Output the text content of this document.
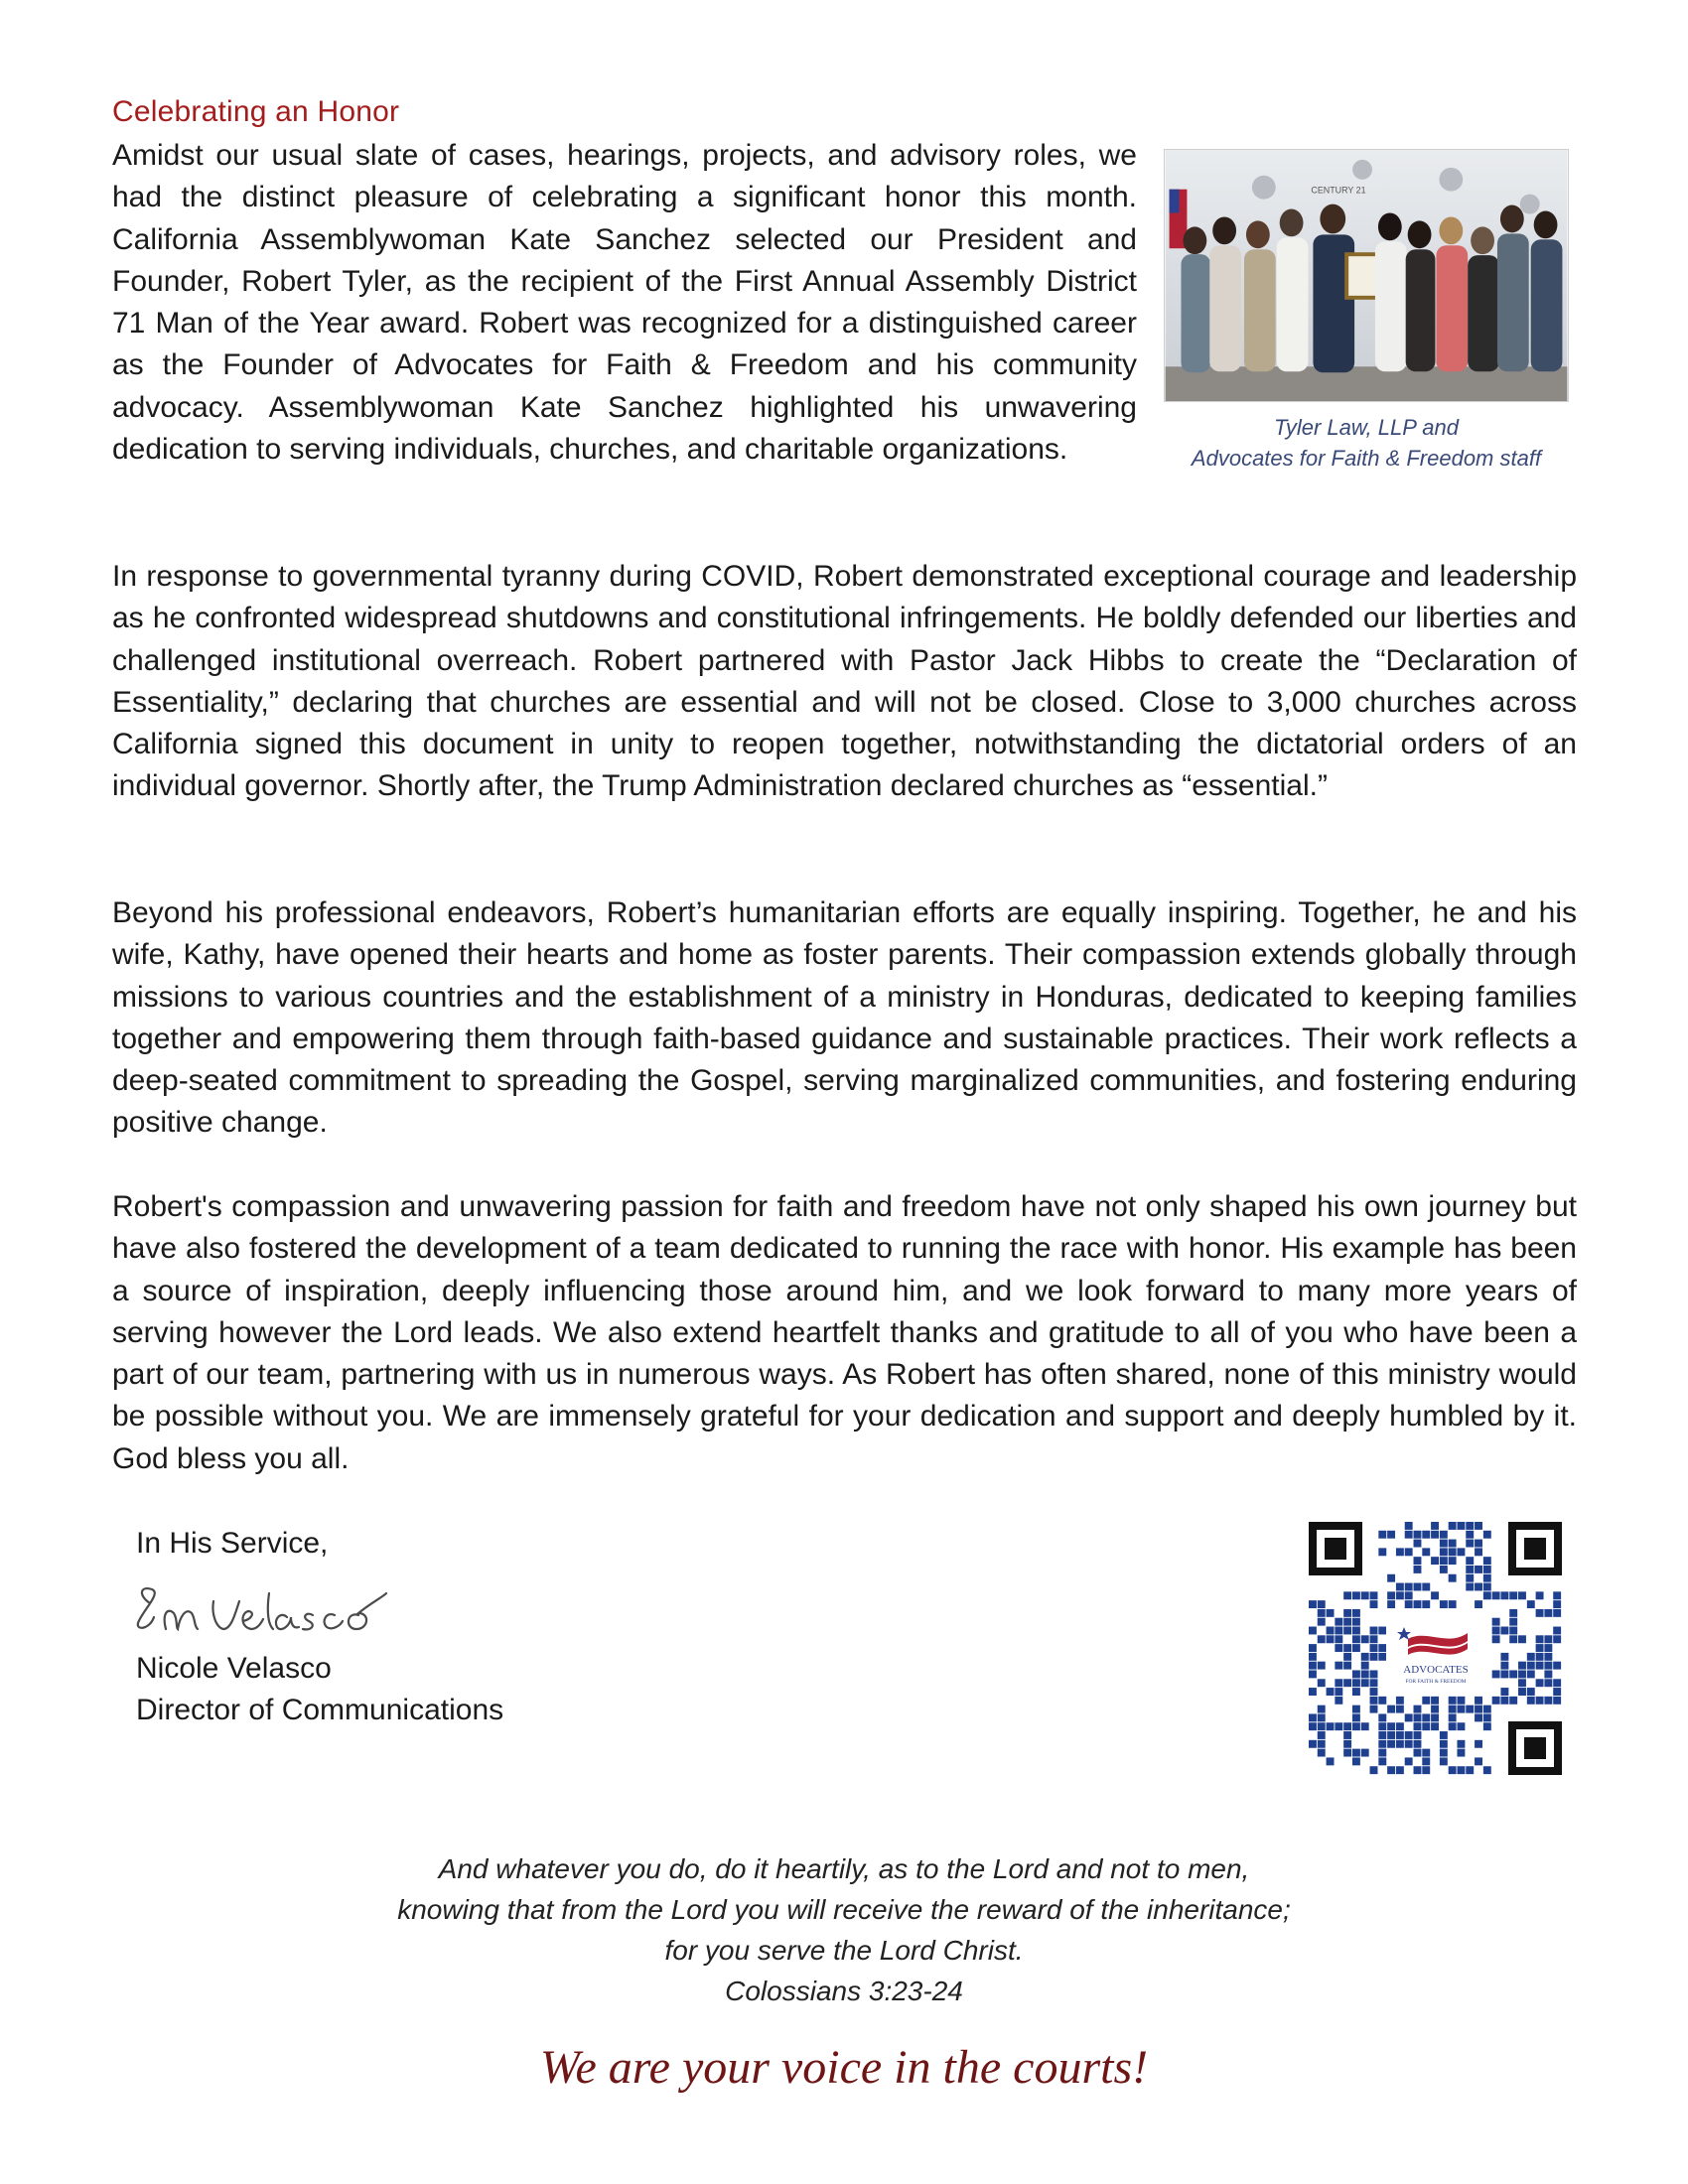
Celebrating an Honor

Amidst our usual slate of cases, hearings, projects, and advisory roles, we had the distinct pleasure of celebrating a significant honor this month. California Assemblywoman Kate Sanchez selected our President and Founder, Robert Tyler, as the recipient of the First Annual Assembly District 71 Man of the Year award. Robert was recognized for a distinguished career as the Founder of Advocates for Faith & Freedom and his community advocacy. Assemblywoman Kate Sanchez highlighted his unwavering dedication to serving individuals, churches, and charitable organizations.

CENTURY 21
Tyler Law, LLP and
Advocates for Faith & Freedom staff

In response to governmental tyranny during COVID, Robert demonstrated exceptional courage and leadership as he confronted widespread shutdowns and constitutional infringements. He boldly defended our liberties and challenged institutional overreach. Robert partnered with Pastor Jack Hibbs to create the “Declaration of Essentiality,” declaring that churches are essential and will not be closed. Close to 3,000 churches across California signed this document in unity to reopen together, notwithstanding the dictatorial orders of an individual governor. Shortly after, the Trump Administration declared churches as “essential.”

Beyond his professional endeavors, Robert’s humanitarian efforts are equally inspiring. Together, he and his wife, Kathy, have opened their hearts and home as foster parents. Their compassion extends globally through missions to various countries and the establishment of a ministry in Honduras, dedicated to keeping families together and empowering them through faith-based guidance and sustainable practices. Their work reflects a deep-seated commitment to spreading the Gospel, serving marginalized communities, and fostering enduring positive change.

Robert's compassion and unwavering passion for faith and freedom have not only shaped his own journey but have also fostered the development of a team dedicated to running the race with honor. His example has been a source of inspiration, deeply influencing those around him, and we look forward to many more years of serving however the Lord leads. We also extend heartfelt thanks and gratitude to all of you who have been a part of our team, partnering with us in numerous ways. As Robert has often shared, none of this ministry would be possible without you. We are immensely grateful for your dedication and support and deeply humbled by it. God bless you all.

In His Service,
Nicole Velasco
Director of Communications
ADVOCATES
FOR FAITH & FREEDOM
And whatever you do, do it heartily, as to the Lord and not to men,
knowing that from the Lord you will receive the reward of the inheritance;
for you serve the Lord Christ.
Colossians 3:23-24
We are your voice in the courts!
